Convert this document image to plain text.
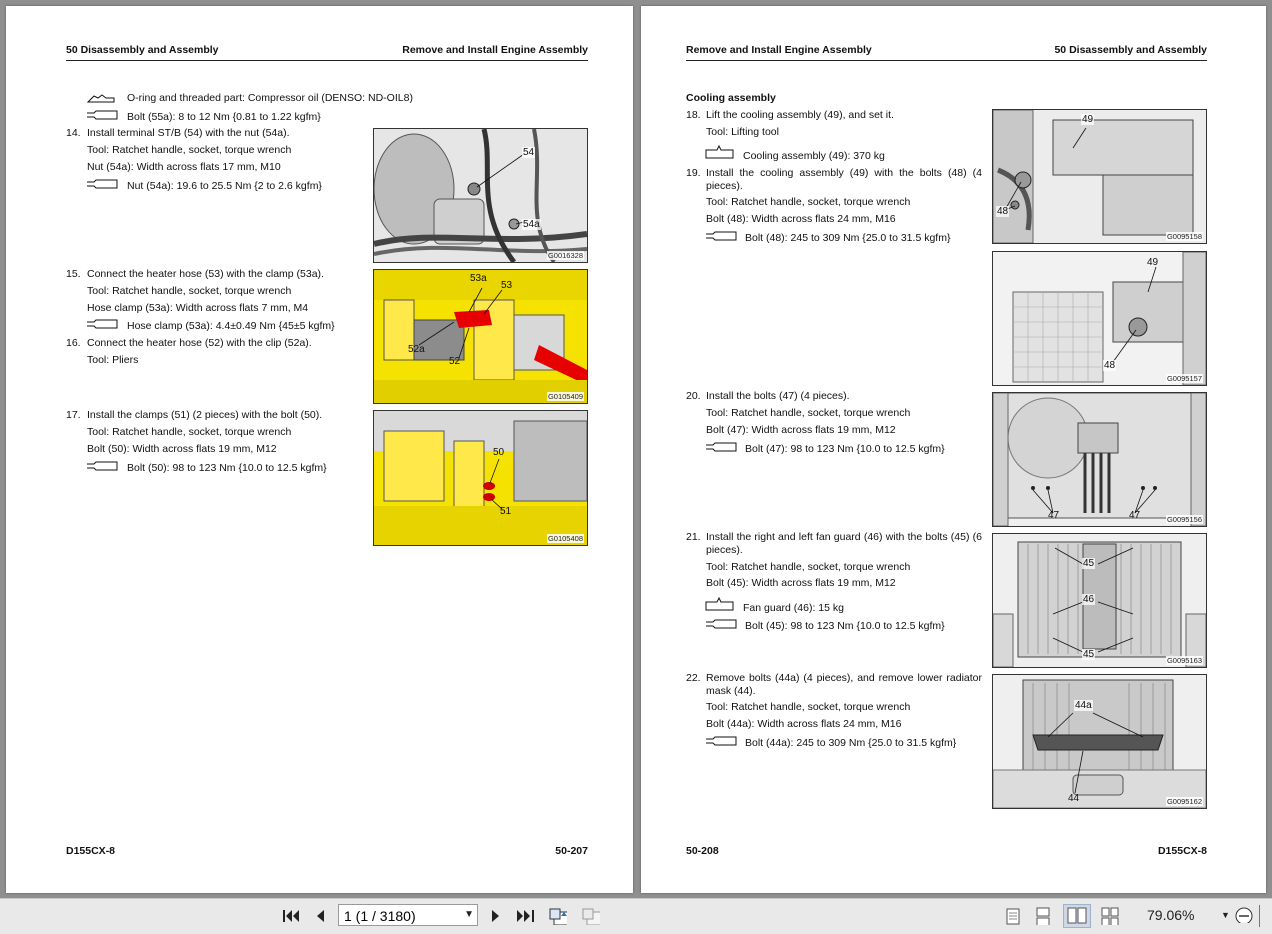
50 Disassembly and Assembly	Remove and Install Engine Assembly
O-ring and threaded part: Compressor oil (DENSO: ND-OIL8)
Bolt (55a): 8 to 12 Nm {0.81 to 1.22 kgfm}
14. Install terminal ST/B (54) with the nut (54a).
Tool: Ratchet handle, socket, torque wrench
Nut (54a): Width across flats 17 mm, M10
Nut (54a): 19.6 to 25.5 Nm {2 to 2.6 kgfm}
54
54a
G0016328
15. Connect the heater hose (53) with the clamp (53a).
Tool: Ratchet handle, socket, torque wrench
Hose clamp (53a): Width across flats 7 mm, M4
Hose clamp (53a): 4.4±0.49 Nm {45±5 kgfm}
16. Connect the heater hose (52) with the clip (52a).
Tool: Pliers
53a
53
52a
52
G0105409
17. Install the clamps (51) (2 pieces) with the bolt (50).
Tool: Ratchet handle, socket, torque wrench
Bolt (50): Width across flats 19 mm, M12
Bolt (50): 98 to 123 Nm {10.0 to 12.5 kgfm}
50
51
G0105408
D155CX-8	50-207
Remove and Install Engine Assembly	50 Disassembly and Assembly
Cooling assembly
18. Lift the cooling assembly (49), and set it.
Tool: Lifting tool
Cooling assembly (49): 370 kg
19. Install the cooling assembly (49) with the bolts (48) (4 pieces).
Tool: Ratchet handle, socket, torque wrench
Bolt (48): Width across flats 24 mm, M16
Bolt (48): 245 to 309 Nm {25.0 to 31.5 kgfm}
49
48
G0095158
49
48
G0095157
20. Install the bolts (47) (4 pieces).
Tool: Ratchet handle, socket, torque wrench
Bolt (47): Width across flats 19 mm, M12
Bolt (47): 98 to 123 Nm {10.0 to 12.5 kgfm}
47	47	G0095156
21. Install the right and left fan guard (46) with the bolts (45) (6 pieces).
Tool: Ratchet handle, socket, torque wrench
Bolt (45): Width across flats 19 mm, M12
Fan guard (46): 15 kg
Bolt (45): 98 to 123 Nm {10.0 to 12.5 kgfm}
45
46
45
G0095163
22. Remove bolts (44a) (4 pieces), and remove lower radiator mask (44).
Tool: Ratchet handle, socket, torque wrench
Bolt (44a): Width across flats 24 mm, M16
Bolt (44a): 245 to 309 Nm {25.0 to 31.5 kgfm}
44a
44	G0095162
50-208	D155CX-8
1 (1 / 3180)	▼	79.06%	▼
